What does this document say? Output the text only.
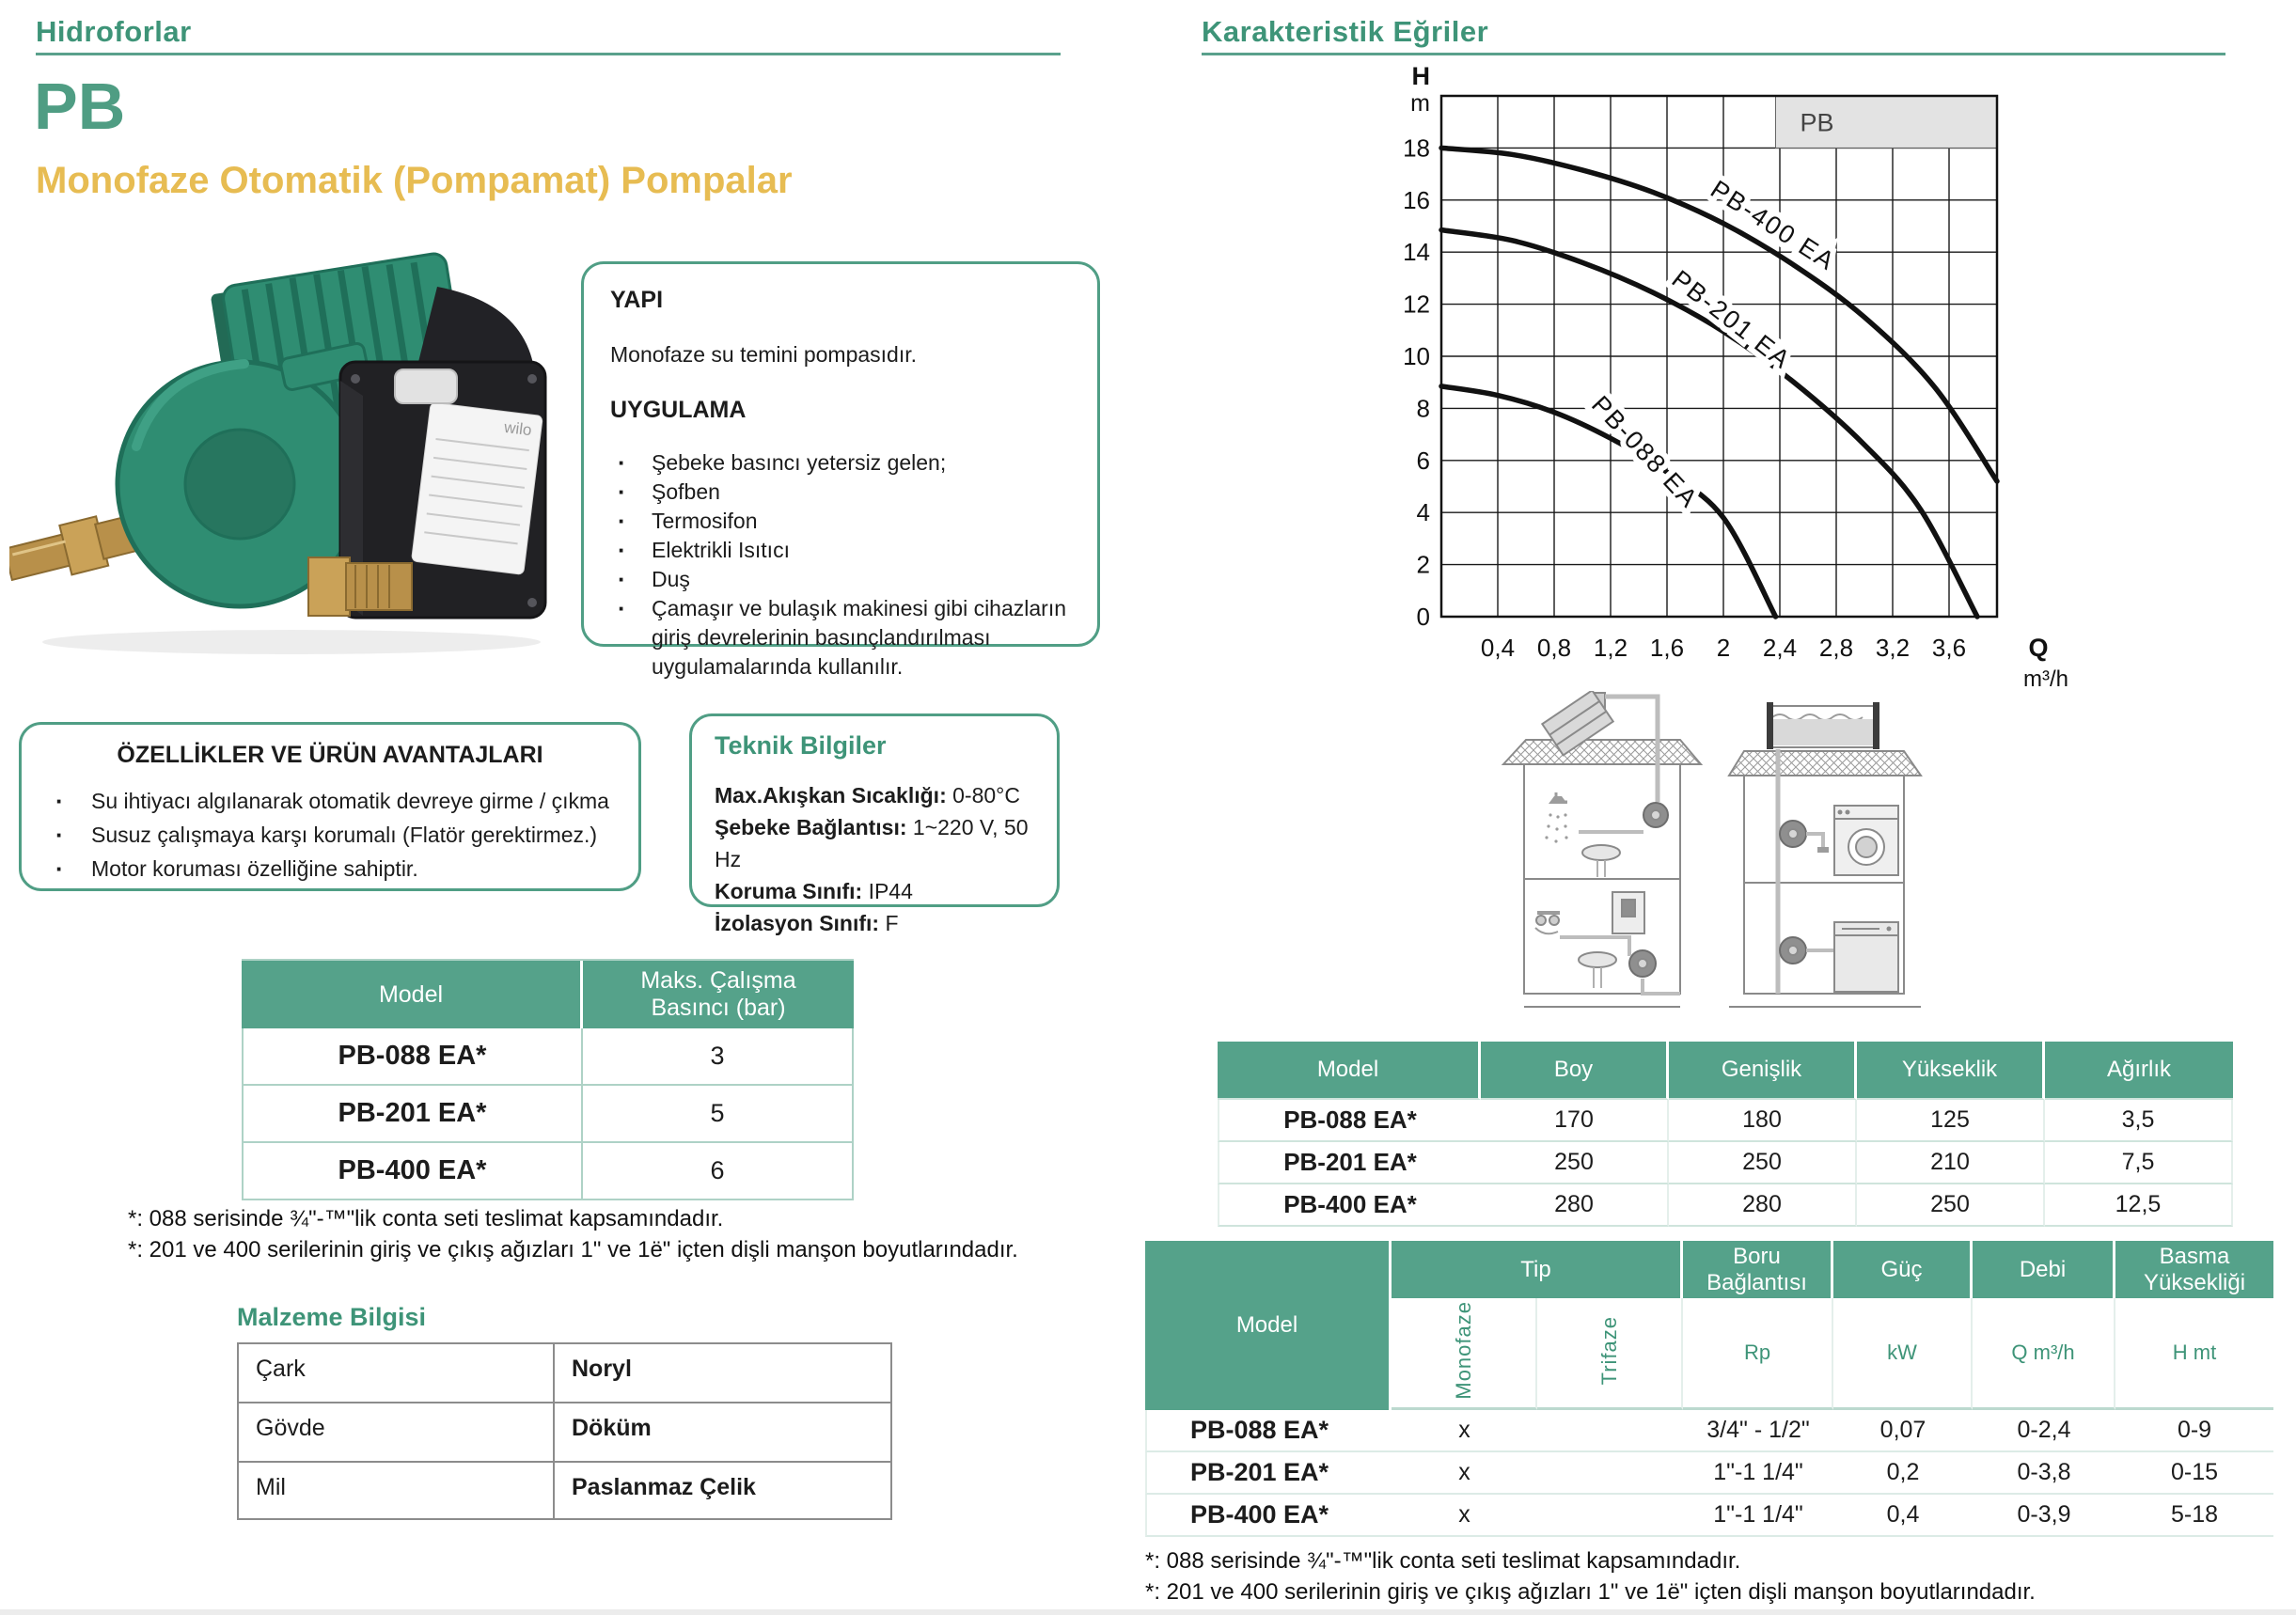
Hidroforlar
PB
Monofaze Otomatik (Pompamat) Pompalar
wilo
YAPI
Monofaze su temini pompasıdır.
UYGULAMA
· Şebeke basıncı yetersiz gelen;
· Şofben
· Termosifon
· Elektrikli Isıtıcı
· Duş
· Çamaşır ve bulaşık makinesi gibi cihazların giriş devrelerinin basınçlandırılması uygulamalarında kullanılır.
ÖZELLİKLER VE ÜRÜN AVANTAJLARI
· Su ihtiyacı algılanarak otomatik devreye girme / çıkma
· Susuz çalışmaya karşı korumalı (Flatör gerektirmez.)
· Motor koruması özelliğine sahiptir.
Teknik Bilgiler
Max.Akışkan Sıcaklığı: 0-80°C
Şebeke Bağlantısı: 1~220 V, 50 Hz
Koruma Sınıfı: IP44
İzolasyon Sınıfı: F
Model	Maks. Çalışma Basıncı (bar)
PB-088 EA*	3
PB-201 EA*	5
PB-400 EA*	6
*: 088 serisinde ¾"-™"lik conta seti teslimat kapsamındadır.
*: 201 ve 400 serilerinin giriş ve çıkış ağızları 1" ve 1ë" içten dişli manşon boyutlarındadır.
Malzeme Bilgisi
Çark	Noryl
Gövde	Döküm
Mil	Paslanmaz Çelik
Karakteristik Eğriler
PB
0
2
4
6
8
10
12
14
16
18
0,4 0,8 1,2 1,6 2 2,4 2,8 3,2 3,6
H
m
Q
m³/h
PB-400 EA
PB-201 EA
PB-088 EA
Model	Boy	Genişlik	Yükseklik	Ağırlık
PB-088 EA*	170	180	125	3,5
PB-201 EA*	250	250	210	7,5
PB-400 EA*	280	280	250	12,5
Model	Tip		Boru Bağlantısı	Güç	Debi	Basma Yüksekliği
	Monofaze	Trifaze	Rp	kW	Q m³/h	H mt
PB-088 EA*	x		3/4" - 1/2"	0,07	0-2,4	0-9
PB-201 EA*	x		1"-1 1/4"	0,2	0-3,8	0-15
PB-400 EA*	x		1"-1 1/4"	0,4	0-3,9	5-18
*: 088 serisinde ¾"-™"lik conta seti teslimat kapsamındadır.
*: 201 ve 400 serilerinin giriş ve çıkış ağızları 1" ve 1ë" içten dişli manşon boyutlarındadır.
